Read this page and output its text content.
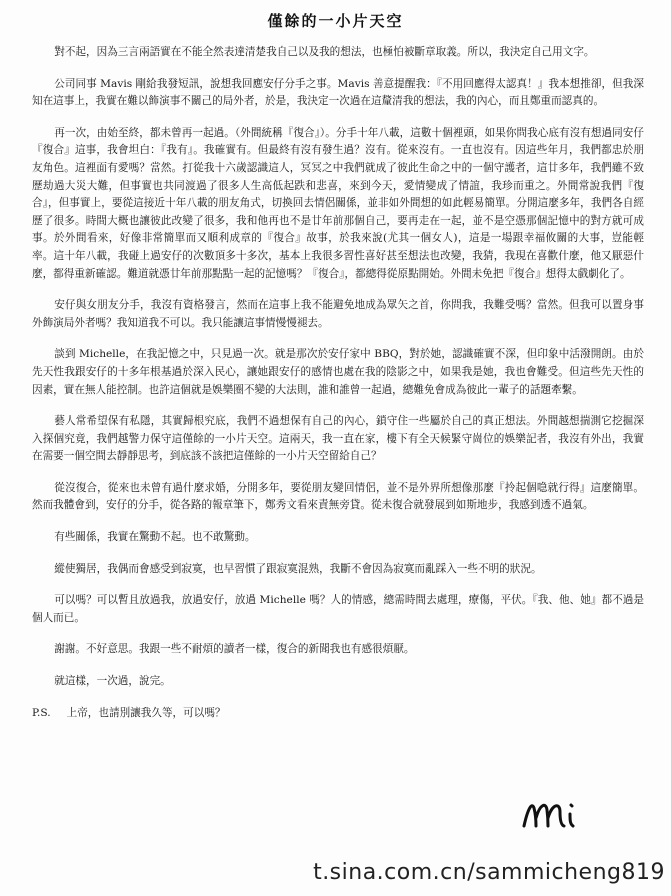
僅餘的一小片天空

對不起，因為三言兩語實在不能全然表達清楚我自己以及我的想法，也極怕被斷章取義。所以，我決定自己用文字。

公司同事 Mavis 剛給我發短訊，說想我回應安仔分手之事。Mavis 善意提醒我：『不用回應得太認真！』我本想推卻，但我深知在這事上，我實在難以飾演事不關己的局外者，於是，我決定一次過在這釐清我的想法，我的內心，而且鄭重而認真的。

再一次，由始至終，都未曾再一起過。（外間統稱『復合』）。分手十年八載，這數十個裡頭，如果你問我心底有沒有想過同安仔『復合』這事，我會坦白：『我有』。我確實有。但最終有沒有發生過？沒有。從來沒有。一直也沒有。因這些年月，我們都忠於朋友角色。這裡面有愛嗎？當然。打從我十六歲認識這人，冥冥之中我們就成了彼此生命之中的一個守護者，這廿多年，我們雖不致歷劫過大災大難，但事實也共同渡過了很多人生高低起跌和悲喜，來到今天，愛情變成了情誼，我珍而重之。外間常說我們『復合』，但事實上，要從這接近十年八載的朋友角式，切換回去情侶關係，並非如外間想的如此輕易簡單。分開這麼多年，我們各自經歷了很多。時間大概也讓彼此改變了很多，我和他再也不是廿年前那個自己，要再走在一起，並不是空憑那個記憶中的對方就可成事。於外間看來，好像非常簡單而又順利成章的『復合』故事，於我來說(尤其一個女人)，這是一場跟幸福攸關的大事，豈能輕率。這十年八載，我碰上過安仔的次數頂多十多次，基本上我很多習性喜好甚至想法也改變，我猜，我現在喜歡什麼，他又厭惡什麼，都得重新確認。難道就憑廿年前那點點一起的記憶嗎？『復合』，都總得從原點開始。外間未免把『復合』想得太戲劇化了。

安仔與女朋友分手，我沒有資格發言，然而在這事上我不能避免地成為眾矢之首，你問我，我難受嗎？當然。但我可以置身事外飾演局外者嗎？我知道我不可以。我只能讓這事情慢慢褪去。

談到 Michelle，在我記憶之中，只見過一次。就是那次於安仔家中 BBQ，對於她，認識確實不深，但印象中活潑開朗。由於先天性我跟安仔的十多年根基過於深入民心，讓她跟安仔的感情也處在我的陰影之中，如果我是她，我也會難受。但這些先天性的因素，實在無人能控制。也許這個就是娛樂圈不變的大法則，誰和誰曾一起過，總難免會成為彼此一輩子的話題牽繫。

藝人常希望保有私隱，其實歸根究底，我們不過想保有自己的內心，鎖守住一些屬於自己的真正想法。外間越想揣測它挖掘深入探個究竟，我們越警力保守這僅餘的一小片天空。這兩天，我一直在家，樓下有全天候緊守崗位的娛樂記者，我沒有外出，我實在需要一個空間去靜靜思考，到底該不該把這僅餘的一小片天空留給自己？

從沒復合，從來也未曾有過什麼求婚，分開多年，要從朋友變回情侶，並不是外界所想像那麼『拎起個喼就行得』這麼簡單。然而我體會到，安仔的分手，從各路的報章筆下，鄭秀文看來責無旁貸。從未復合就發展到如斯地步，我感到透不過氣。

有些關係，我實在驚動不起。也不敢驚動。

縱使獨居，我偶而會感受到寂寞，也早習慣了跟寂寞混熟，我斷不會因為寂寞而亂踩入一些不明的狀況。

可以嗎？可以暫且放過我，放過安仔，放過 Michelle 嗎？人的情感，總需時間去處理，療傷，平伏。『我、他、她』都不過是個人而已。

謝謝。不好意思。我跟一些不耐煩的讀者一樣，復合的新聞我也有感很煩厭。

就這樣，一次過，說完。

P.S. 上帝，也請別讓我久等，可以嗎？

t.sina.com.cn/sammicheng819
